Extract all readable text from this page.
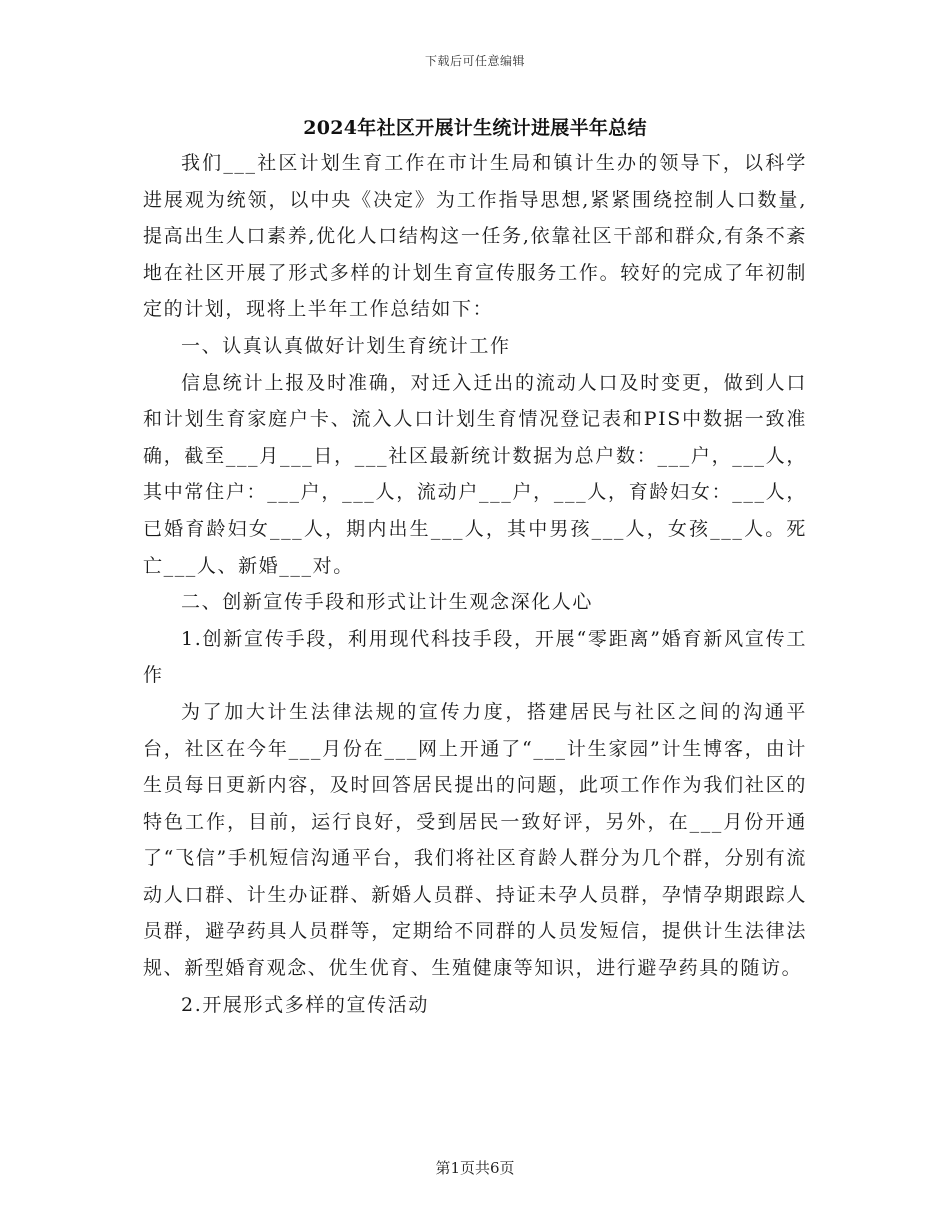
下载后可任意编辑
2024年社区开展计生统计进展半年总结

我们___社区计划生育工作在市计生局和镇计生办的领导下，以科学进展观为统领，以中央《决定》为工作指导思想,紧紧围绕控制人口数量,提高出生人口素养,优化人口结构这一任务,依靠社区干部和群众,有条不紊地在社区开展了形式多样的计划生育宣传服务工作。较好的完成了年初制定的计划，现将上半年工作总结如下：

一、认真认真做好计划生育统计工作

信息统计上报及时准确，对迁入迁出的流动人口及时变更，做到人口和计划生育家庭户卡、流入人口计划生育情况登记表和PIS中数据一致准确，截至___月___日，___社区最新统计数据为总户数：___户，___人，其中常住户：___户，___人，流动户___户，___人，育龄妇女：___人，已婚育龄妇女___人，期内出生___人，其中男孩___人，女孩___人。死亡___人、新婚___对。

二、创新宣传手段和形式让计生观念深化人心

1.创新宣传手段，利用现代科技手段，开展“零距离”婚育新风宣传工作

为了加大计生法律法规的宣传力度，搭建居民与社区之间的沟通平台，社区在今年___月份在___网上开通了“___计生家园”计生博客，由计生员每日更新内容，及时回答居民提出的问题，此项工作作为我们社区的特色工作，目前，运行良好，受到居民一致好评，另外，在___月份开通了“飞信”手机短信沟通平台，我们将社区育龄人群分为几个群，分别有流动人口群、计生办证群、新婚人员群、持证未孕人员群，孕情孕期跟踪人员群，避孕药具人员群等，定期给不同群的人员发短信，提供计生法律法规、新型婚育观念、优生优育、生殖健康等知识，进行避孕药具的随访。

2.开展形式多样的宣传活动

第1页共6页
